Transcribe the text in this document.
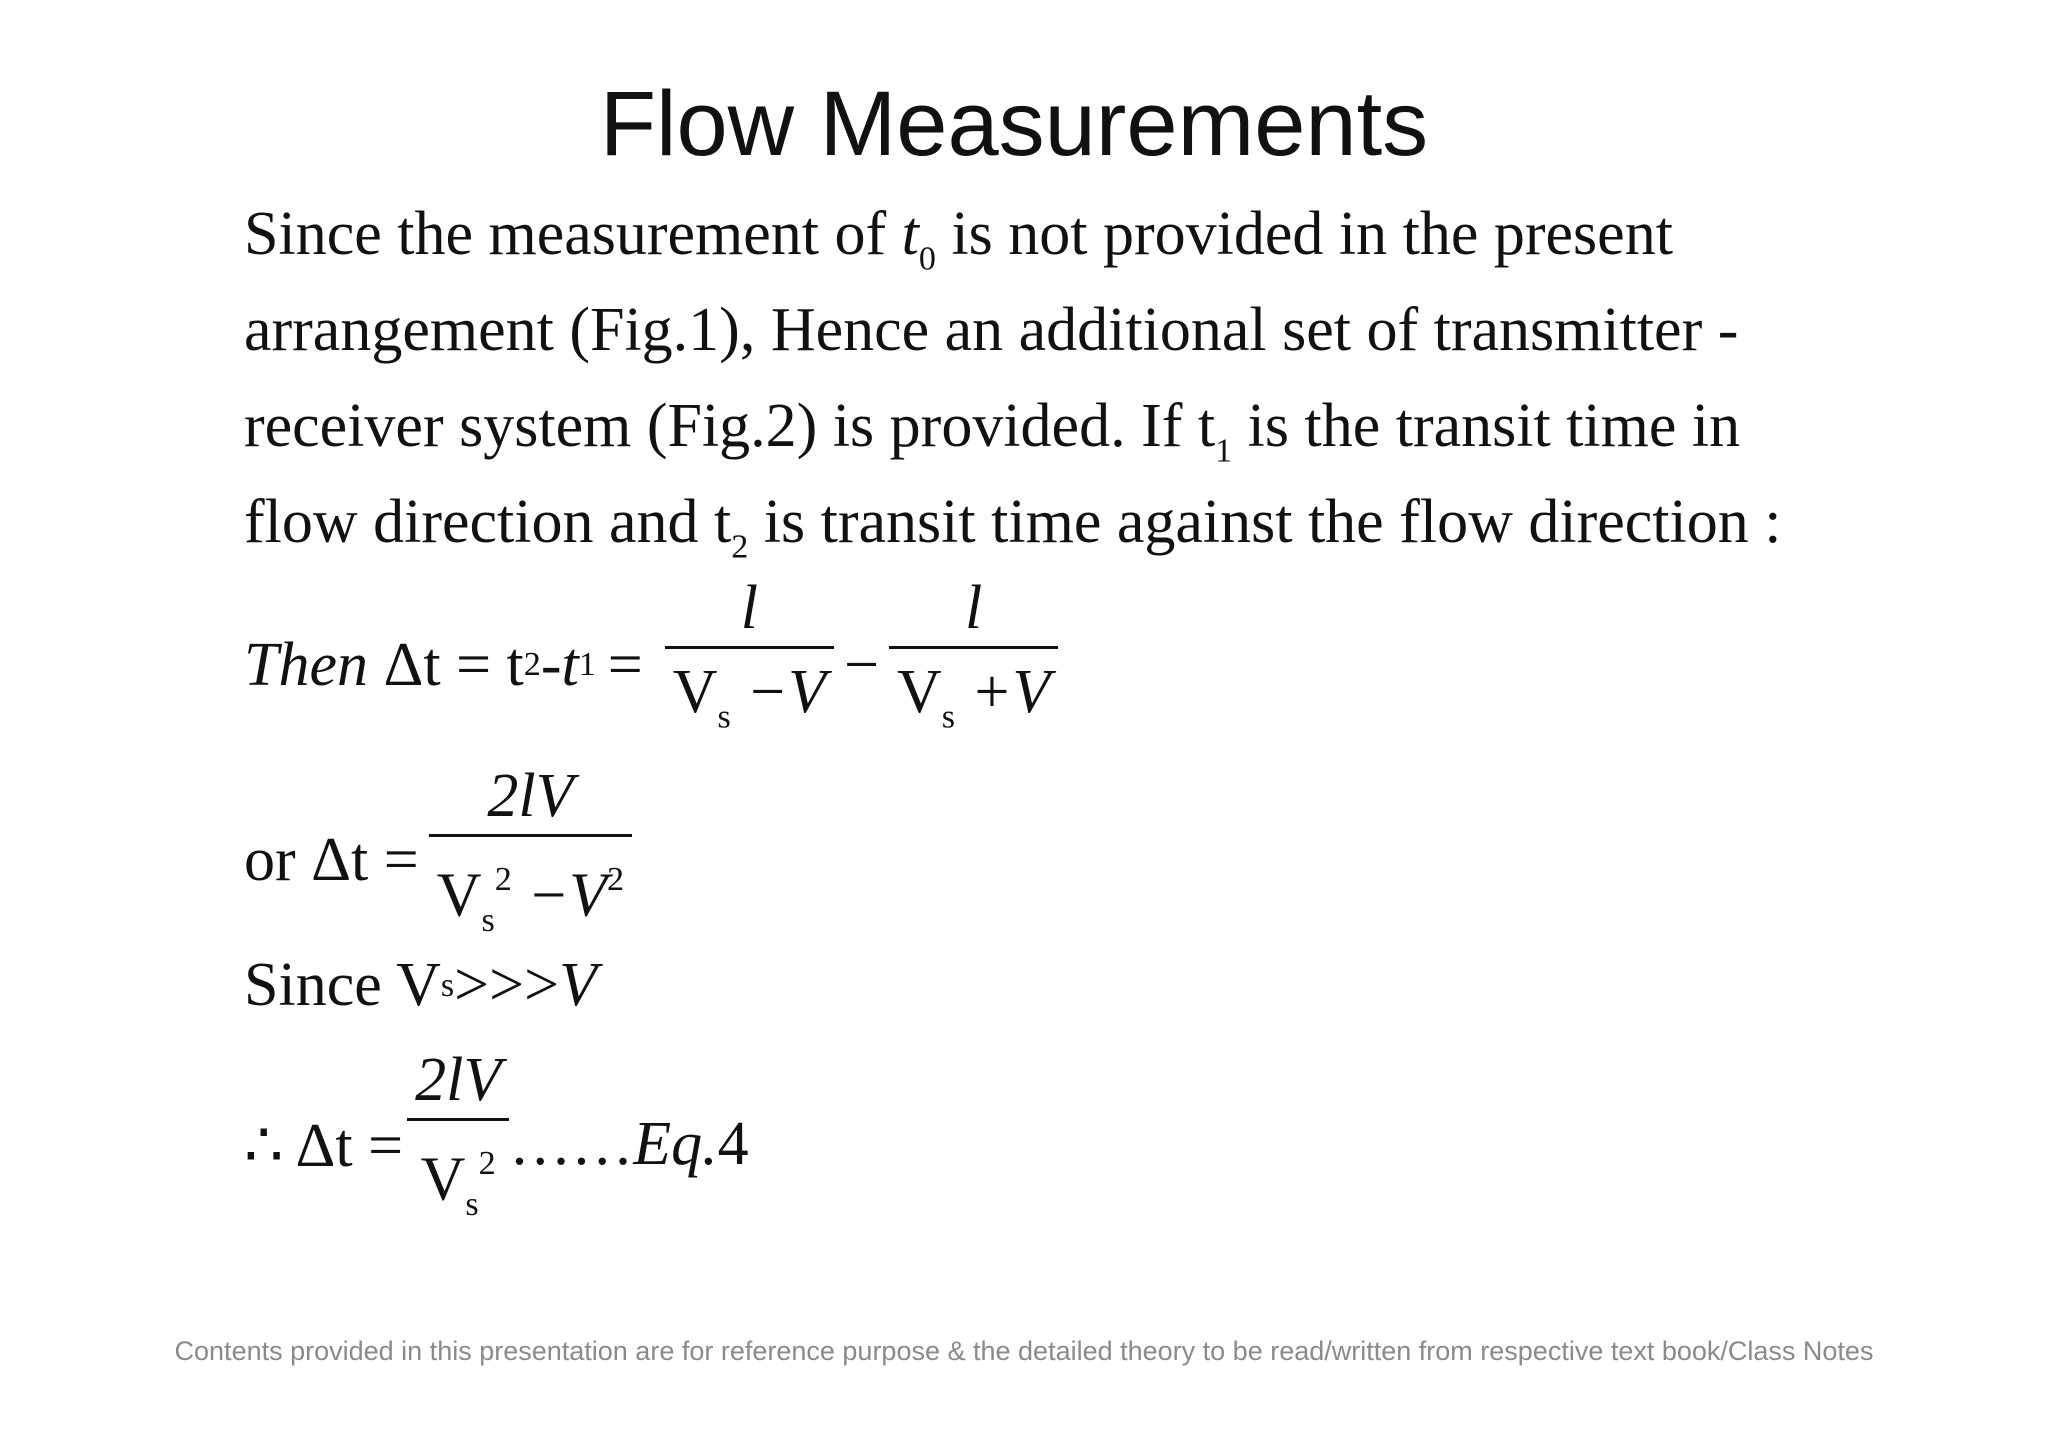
Flow Measurements
Since the measurement of $t_0$ is not provided in the present
arrangement (Fig.1), Hence an additional set of transmitter -
receiver system (Fig.2) is provided. If $t_1$ is the transit time in
flow direction and $t_2$ is transit time against the flow direction :
Then
Δt = t 2 - t $1 = \frac{l}{V_s -V} - \frac{l}{V_s +V}$
or $\Delta t = \frac{2lV}{V_s^2 -V^2}$
Since V s >>> V
∴ $\Delta t = \frac{2lV}{V_s^2}$ …… Eq. 4
Contents provided in this presentation are for reference purpose & the detailed theory to be read/written from respective text book/Class Notes
